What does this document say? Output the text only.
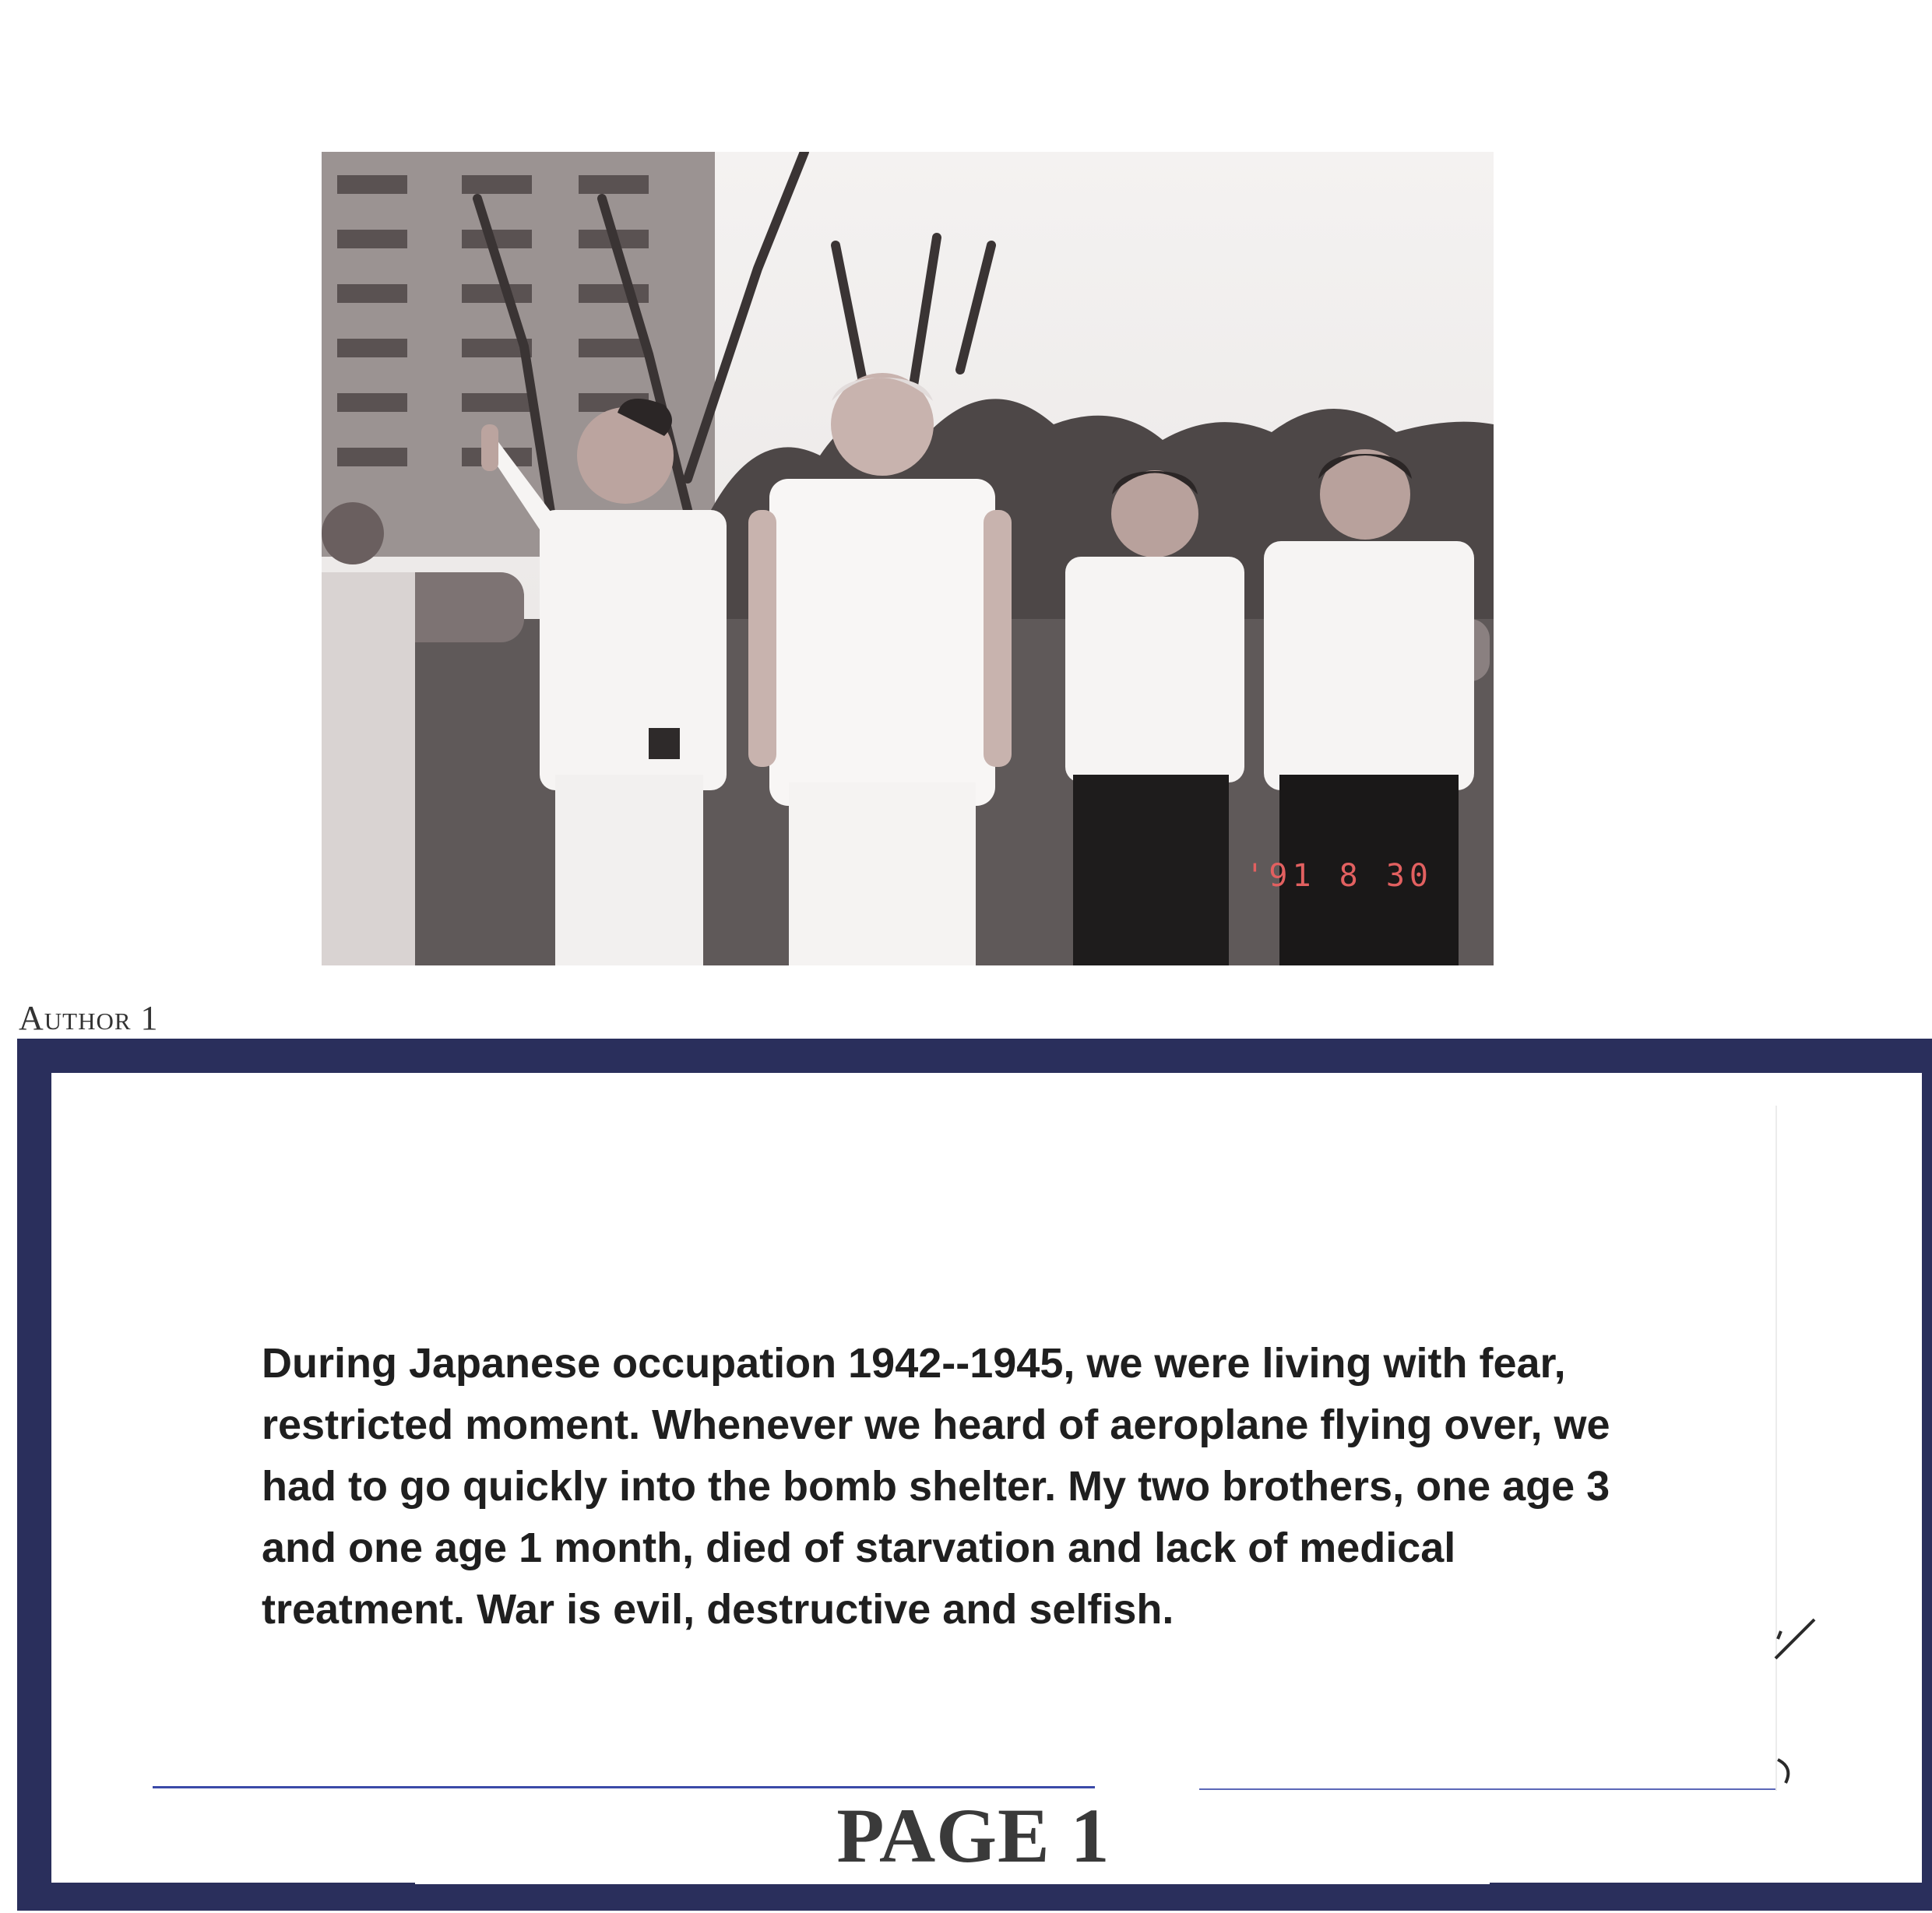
'91 8 30
Author 1

During Japanese occupation 1942--1945, we were living with fear, restricted moment. Whenever we heard of aeroplane flying over, we had to go quickly into the bomb shelter. My two brothers, one age 3 and one age 1 month, died of starvation and lack of medical treatment. War is evil, destructive and selfish.

PAGE 1
